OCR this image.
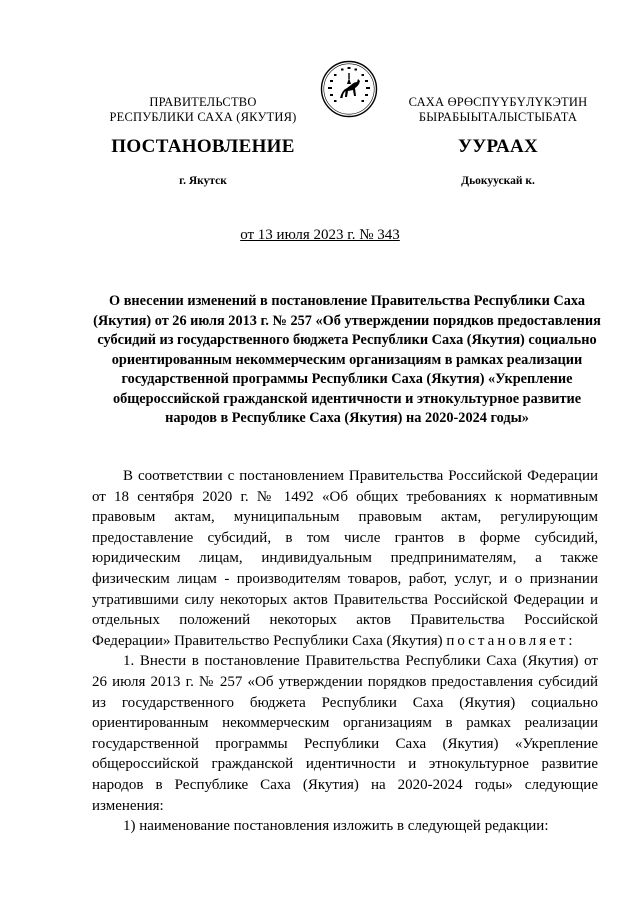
ПРАВИТЕЛЬСТВО
РЕСПУБЛИКИ САХА (ЯКУТИЯ)
САХА ӨРӨСПҮҮБҮЛҮКЭТИН
БЫРАБЫЫТАЛЫСТЫБАТА
ПОСТАНОВЛЕНИЕ	УУРААХ
г. Якутск	Дьокуускай к.
от 13 июля 2023 г. № 343
О внесении изменений в постановление Правительства Республики Саха (Якутия) от 26 июля 2013 г. № 257 «Об утверждении порядков предоставления субсидий из государственного бюджета Республики Саха (Якутия) социально ориентированным некоммерческим организациям в рамках реализации государственной программы Республики Саха (Якутия) «Укрепление общероссийской гражданской идентичности и этнокультурное развитие народов в Республике Саха (Якутия) на 2020-2024 годы»

В соответствии с постановлением Правительства Российской Федерации от 18 сентября 2020 г. № 1492 «Об общих требованиях к нормативным правовым актам, муниципальным правовым актам, регулирующим предоставление субсидий, в том числе грантов в форме субсидий, юридическим лицам, индивидуальным предпринимателям, а также физическим лицам - производителям товаров, работ, услуг, и о признании утратившими силу некоторых актов Правительства Российской Федерации и отдельных положений некоторых актов Правительства Российской Федерации» Правительство Республики Саха (Якутия) постановляет:

1. Внести в постановление Правительства Республики Саха (Якутия) от 26 июля 2013 г. № 257 «Об утверждении порядков предоставления субсидий из государственного бюджета Республики Саха (Якутия) социально ориентированным некоммерческим организациям в рамках реализации государственной программы Республики Саха (Якутия) «Укрепление общероссийской гражданской идентичности и этнокультурное развитие народов в Республике Саха (Якутия) на 2020-2024 годы» следующие изменения:

1) наименование постановления изложить в следующей редакции:
